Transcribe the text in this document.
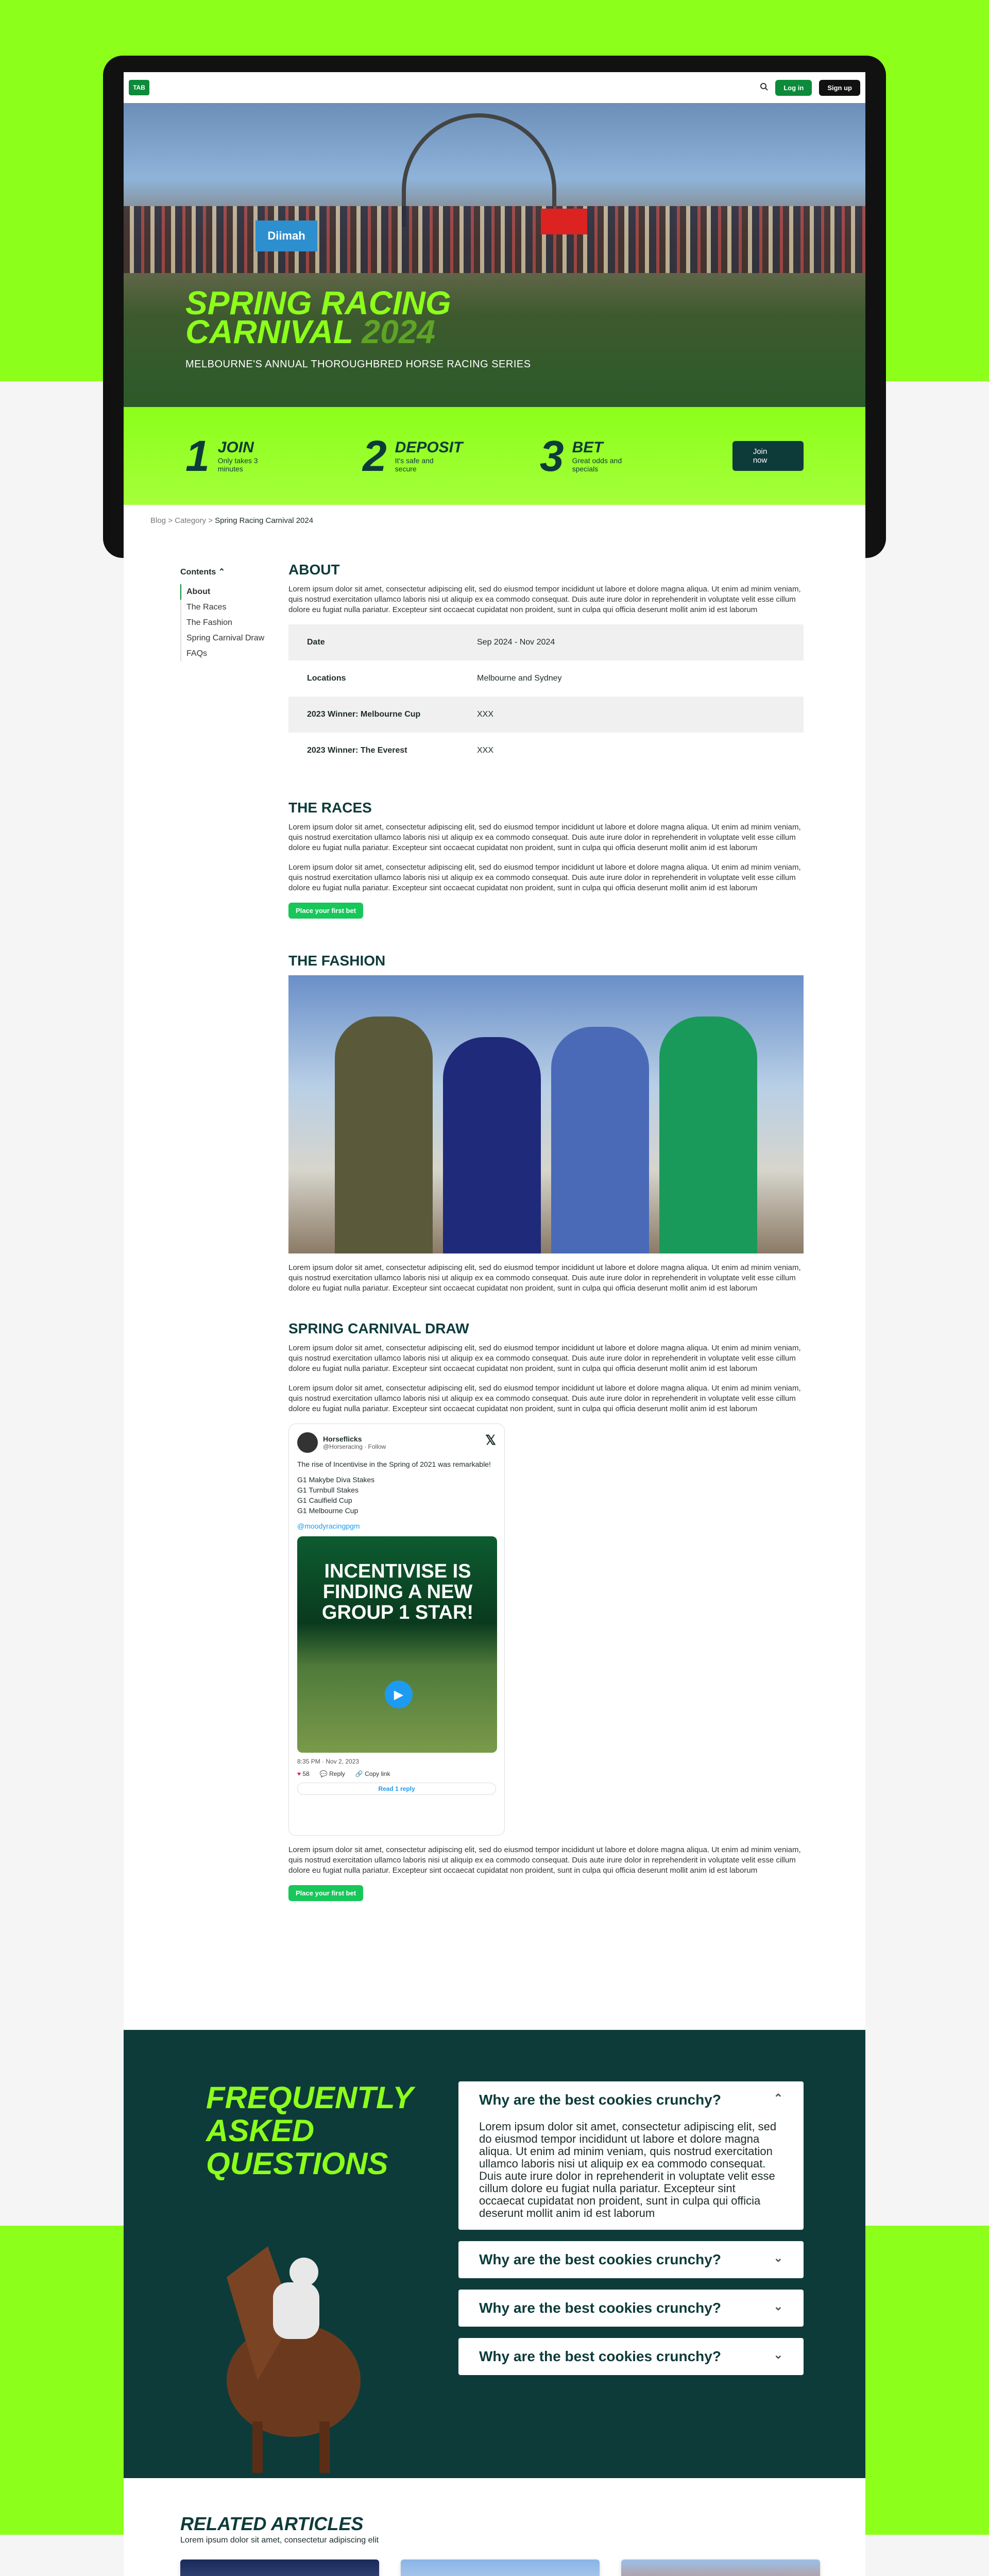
TAB	Log in	Sign up
Diimah
SPRING RACING
CARNIVAL 2024
MELBOURNE'S ANNUAL THOROUGHBRED HORSE RACING SERIES
1 JOIN
Only takes 3 minutes	2 DEPOSIT
It's safe and secure	3 BET
Great odds and specials
Join now
Blog
>
Category
>
Spring Racing Carnival 2024
Contents ⌃
About
The Races
The Fashion
Spring Carnival Draw
FAQs
ABOUT

Lorem ipsum dolor sit amet, consectetur adipiscing elit, sed do eiusmod tempor incididunt ut labore et dolore magna aliqua. Ut enim ad minim veniam, quis nostrud exercitation ullamco laboris nisi ut aliquip ex ea commodo consequat. Duis aute irure dolor in reprehenderit in voluptate velit esse cillum dolore eu fugiat nulla pariatur. Excepteur sint occaecat cupidatat non proident, sunt in culpa qui officia deserunt mollit anim id est laborum

Date	Sep 2024 - Nov 2024
Locations	Melbourne and Sydney
2023 Winner: Melbourne Cup	XXX
2023 Winner: The Everest	XXX
THE RACES

Lorem ipsum dolor sit amet, consectetur adipiscing elit, sed do eiusmod tempor incididunt ut labore et dolore magna aliqua. Ut enim ad minim veniam, quis nostrud exercitation ullamco laboris nisi ut aliquip ex ea commodo consequat. Duis aute irure dolor in reprehenderit in voluptate velit esse cillum dolore eu fugiat nulla pariatur. Excepteur sint occaecat cupidatat non proident, sunt in culpa qui officia deserunt mollit anim id est laborum

Lorem ipsum dolor sit amet, consectetur adipiscing elit, sed do eiusmod tempor incididunt ut labore et dolore magna aliqua. Ut enim ad minim veniam, quis nostrud exercitation ullamco laboris nisi ut aliquip ex ea commodo consequat. Duis aute irure dolor in reprehenderit in voluptate velit esse cillum dolore eu fugiat nulla pariatur. Excepteur sint occaecat cupidatat non proident, sunt in culpa qui officia deserunt mollit anim id est laborum

Place your first bet
THE FASHION

Lorem ipsum dolor sit amet, consectetur adipiscing elit, sed do eiusmod tempor incididunt ut labore et dolore magna aliqua. Ut enim ad minim veniam, quis nostrud exercitation ullamco laboris nisi ut aliquip ex ea commodo consequat. Duis aute irure dolor in reprehenderit in voluptate velit esse cillum dolore eu fugiat nulla pariatur. Excepteur sint occaecat cupidatat non proident, sunt in culpa qui officia deserunt mollit anim id est laborum

SPRING CARNIVAL DRAW

Lorem ipsum dolor sit amet, consectetur adipiscing elit, sed do eiusmod tempor incididunt ut labore et dolore magna aliqua. Ut enim ad minim veniam, quis nostrud exercitation ullamco laboris nisi ut aliquip ex ea commodo consequat. Duis aute irure dolor in reprehenderit in voluptate velit esse cillum dolore eu fugiat nulla pariatur. Excepteur sint occaecat cupidatat non proident, sunt in culpa qui officia deserunt mollit anim id est laborum

Lorem ipsum dolor sit amet, consectetur adipiscing elit, sed do eiusmod tempor incididunt ut labore et dolore magna aliqua. Ut enim ad minim veniam, quis nostrud exercitation ullamco laboris nisi ut aliquip ex ea commodo consequat. Duis aute irure dolor in reprehenderit in voluptate velit esse cillum dolore eu fugiat nulla pariatur. Excepteur sint occaecat cupidatat non proident, sunt in culpa qui officia deserunt mollit anim id est laborum

𝕏
Horseflicks
@Horseracing · Follow
The rise of Incentivise in the Spring of 2021 was remarkable!
G1 Makybe Diva Stakes
G1 Turnbull Stakes
G1 Caulfield Cup
G1 Melbourne Cup
@moodyracingpgm
INCENTIVISE IS FINDING A NEW GROUP 1 STAR!
▶
8:35 PM · Nov 2, 2023
♥ 58 💬 Reply 🔗 Copy link
Read 1 reply

Lorem ipsum dolor sit amet, consectetur adipiscing elit, sed do eiusmod tempor incididunt ut labore et dolore magna aliqua. Ut enim ad minim veniam, quis nostrud exercitation ullamco laboris nisi ut aliquip ex ea commodo consequat. Duis aute irure dolor in reprehenderit in voluptate velit esse cillum dolore eu fugiat nulla pariatur. Excepteur sint occaecat cupidatat non proident, sunt in culpa qui officia deserunt mollit anim id est laborum

Place your first bet
FREQUENTLY ASKED QUESTIONS
Why are the best cookies crunchy?	⌃
Lorem ipsum dolor sit amet, consectetur adipiscing elit, sed do eiusmod tempor incididunt ut labore et dolore magna aliqua. Ut enim ad minim veniam, quis nostrud exercitation ullamco laboris nisi ut aliquip ex ea commodo consequat. Duis aute irure dolor in reprehenderit in voluptate velit esse cillum dolore eu fugiat nulla pariatur. Excepteur sint occaecat cupidatat non proident, sunt in culpa qui officia deserunt mollit anim id est laborum
Why are the best cookies crunchy?	⌄
Why are the best cookies crunchy?	⌄
Why are the best cookies crunchy?	⌄
RELATED ARTICLES
Lorem ipsum dolor sit amet, consectetur adipiscing elit
